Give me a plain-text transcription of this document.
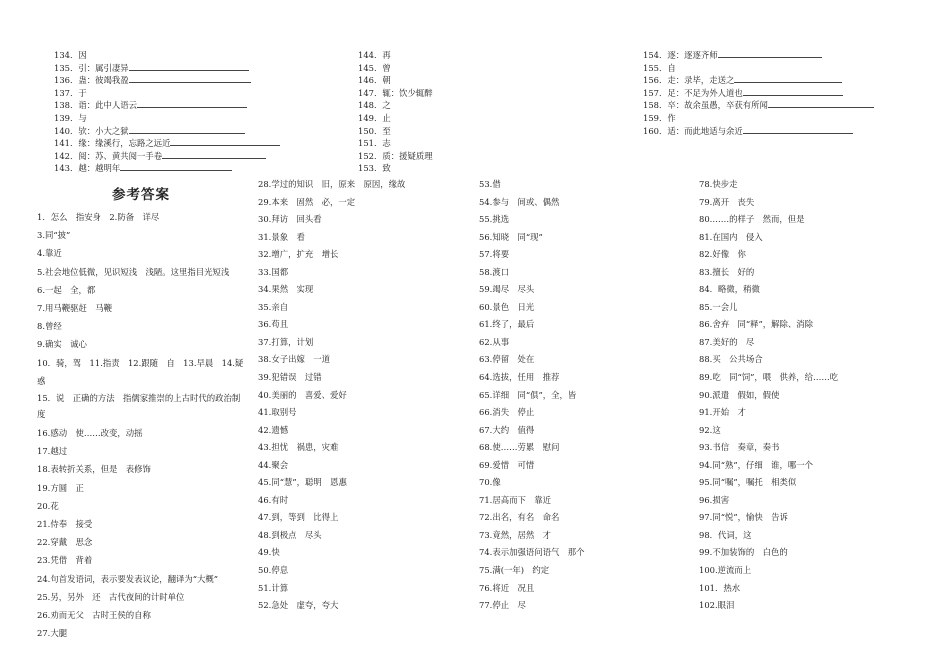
134．因
135．引：属引凄异
136．蛊：彼竭我盈
137．于
138．诣：此中人语云
139．与
140．欤：小大之狱
141．缘：缘溪行，忘路之远近
142．阅：苏、黄共阅一手卷
143．越：越明年
144．再
145．曾
146．朝
147．辄：饮少辄醉
148．之
149．止
150．至
151．志
152．质：援疑质理
153．致
154．逐：逐逐齐师
155．自
156．走：录毕，走送之
157．足：不足为外人道也
158．卒：故余虽愚，卒获有所闻
159．作
160．适：而此地适与余近
参考答案
1．怎么　指安身　2.防备　详尽
3.同“披”
4.靠近
5.社会地位低微，见识短浅　浅陋。这里指目光短浅
6.一起　全，都
7.用马鞭驱赶　马鞭
8.曾经
9.确实　诚心
10．骑，驾　11.指责　12.跟随　自　13.早晨　14.疑惑
15．说　正确的方法　指儒家推崇的上古时代的政治制度
16.感动　使……改变，动摇
17.越过
18.表转折关系，但是　表修饰
19.方圆　正
20.花
21.侍奉　接受
22.穿戴　思念
23.凭借　背着
24.句首发语词，表示要发表议论，翻译为“大概”
25.另，另外　还　古代夜间的计时单位
26.劝而无父　古时王侯的自称
27.大腿
28.学过的知识　旧，原来　原因，缘故
29.本来　固然　必，一定
30.拜访　回头看
31.景象　看
32.增广，扩充　增长
33.国都
34.果然　实现
35.亲自
36.苟且
37.打算，计划
38.女子出嫁　一道
39.犯错误　过错
40.美丽的　喜爱、爱好
41.取别号
42.遗憾
43.担忧　祸患，灾难
44.聚会
45.同“慧”，聪明　恩惠
46.有时
47.到，等到　比得上
48.到极点　尽头
49.快
50.停息
51.计算
52.急处　虚夸，夸大
53.借
54.参与　间或、偶然
55.挑选
56.知晓　同“现”
57.将要
58.渡口
59.竭尽　尽头
60.景色　日光
61.终了，最后
62.从事
63.停留　处在
64.选拔，任用　推荐
65.详细　同“俱”，全，皆
66.消失　停止
67.大约　值得
68.使……劳累　慰问
69.爱惜　可惜
70.像
71.居高而下　靠近
72.出名，有名　命名
73.竟然，居然　才
74.表示加强语问语气　那个
75.满(一年)　约定
76.将近　况且
77.停止　尽
78.快步走
79.离开　丧失
80.……的样子　然而，但是
81.在国内　侵入
82.好像　你
83.擅长　好的
84．略微，稍微
85.一会儿
86.舍弃　同“释”，解除、消除
87.美好的　尽
88.买　公共场合
89.吃　同“饲”，喂　供养，给……吃
90.派遣　假如，假使
91.开始　才
92.这
93.书信　奏章，奏书
94.同“熟”，仔细　谁，哪一个
95.同“嘱”，嘱托　相类似
96.损害
97.同“悦”，愉快　告诉
98．代词，这
99.不加装饰的　白色的
100.逆流而上
101．热水
102.眼泪
